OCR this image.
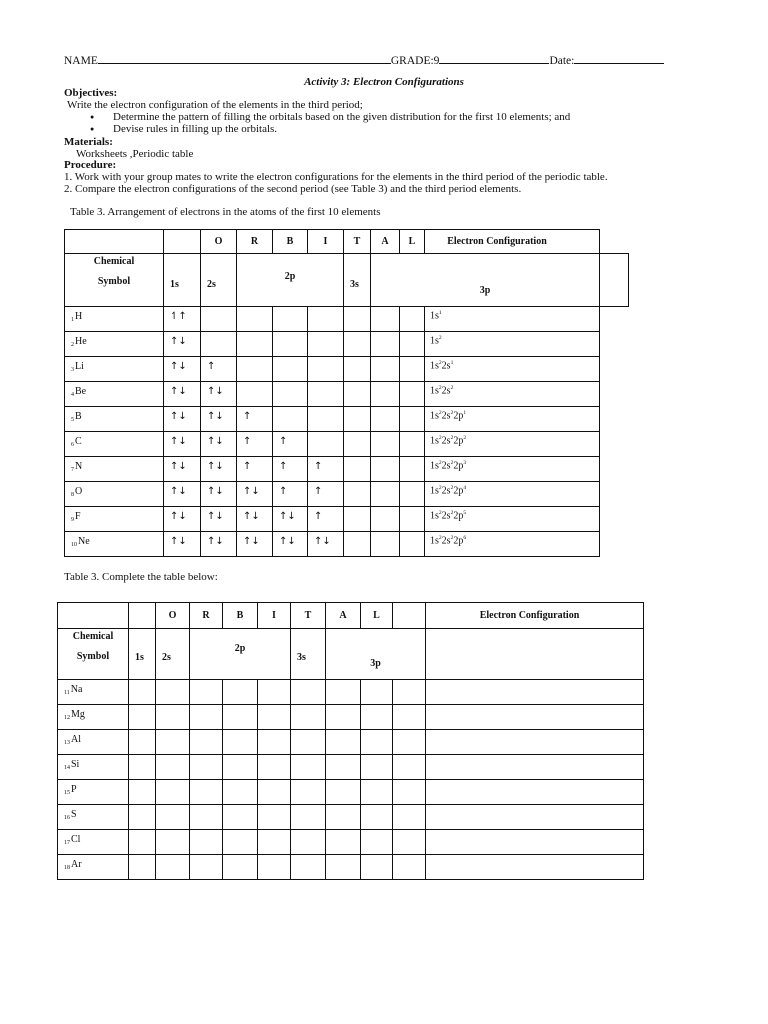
NAME	GRADE:9	Date:
Activity 3: Electron Configurations
Objectives:
Write the electron configuration of the elements in the third period;
● Determine the pattern of filling the orbitals based on the given distribution for the first 10 elements; and
● Devise rules in filling up the orbitals.
Materials:
Worksheets ,Periodic table
Procedure:
1. Work with your group mates to write the electron configurations for the elements in the third period of the periodic table.
2. Compare the electron configurations of the second period (see Table 3) and the third period elements.
Table 3. Arrangement of electrons in the atoms of the first 10 elements
		O	R	B	I	T	A	L	Electron Configuration	

Chemical
Symbol	1s	2s	2p			3s	3p			
$_1$H	↿↑								$1s^1$
$_2$He	↑↓								$1s^2$
$_3$Li	↑↓	↑							$1s^22s^1$
$_4$Be	↑↓	↑↓							$1s^22s^2$
$_5$B	↑↓	↑↓	↑						$1s^22s^22p^1$
$_6$C	↑↓	↑↓	↑	↑					$1s^22s^22p^2$
$_7$N	↑↓	↑↓	↑	↑	↑				$1s^22s^22p^3$
$_8$O	↑↓	↑↓	↑↓	↑	↑				$1s^22s^22p^4$
$_9$F	↑↓	↑↓	↑↓	↑↓	↑				$1s^22s^22p^5$
$_{10}$Ne	↑↓	↑↓	↑↓	↑↓	↑↓				$1s^22s^22p^6$
Table 3. Complete the table below:
		O	R	B	I	T	A	L		Electron Configuration

Chemical
Symbol	1s	2s	2p			3s	3p			
$_{11}$Na										
$_{12}$Mg										
$_{13}$Al										
$_{14}$Si										
$_{15}$P										
$_{16}$S										
$_{17}$Cl										
$_{18}$Ar										
